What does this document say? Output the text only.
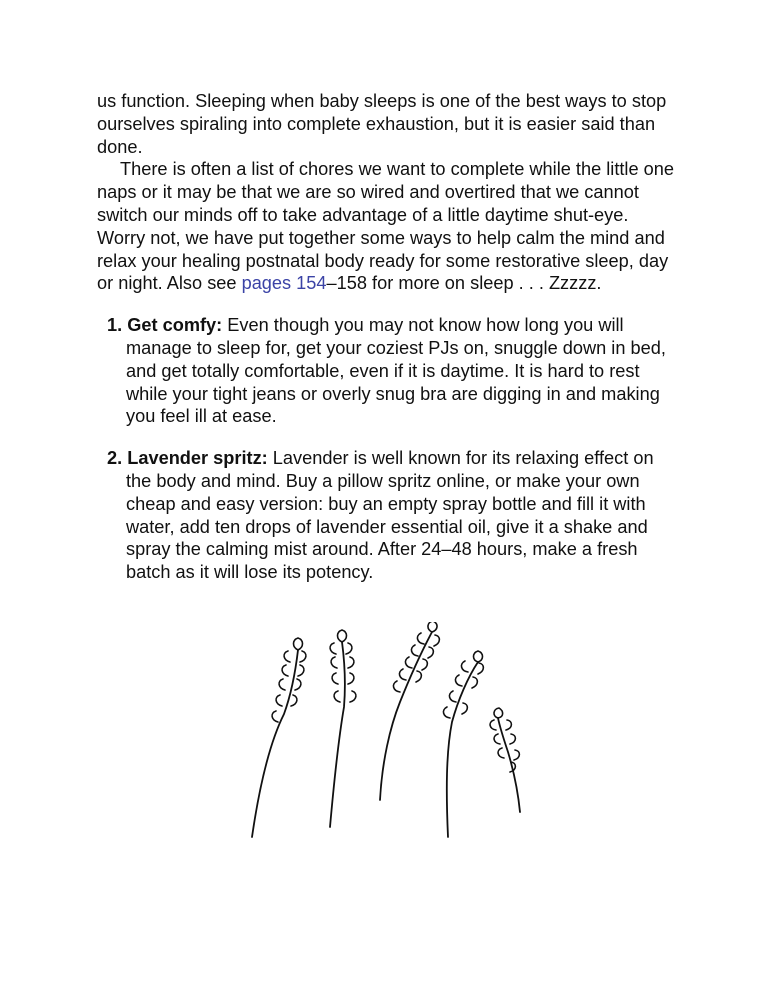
us function. Sleeping when baby sleeps is one of the best ways to stop ourselves spiraling into complete exhaustion, but it is easier said than done.

There is often a list of chores we want to complete while the little one naps or it may be that we are so wired and overtired that we cannot switch our minds off to take advantage of a little daytime shut-eye. Worry not, we have put together some ways to help calm the mind and relax your healing postnatal body ready for some restorative sleep, day or night. Also see pages 154–158 for more on sleep . . . Zzzzz.

1. Get comfy: Even though you may not know how long you will manage to sleep for, get your coziest PJs on, snuggle down in bed, and get totally comfortable, even if it is daytime. It is hard to rest while your tight jeans or overly snug bra are digging in and making you feel ill at ease.
2. Lavender spritz: Lavender is well known for its relaxing effect on the body and mind. Buy a pillow spritz online, or make your own cheap and easy version: buy an empty spray bottle and fill it with water, add ten drops of lavender essential oil, give it a shake and spray the calming mist around. After 24–48 hours, make a fresh batch as it will lose its potency.
